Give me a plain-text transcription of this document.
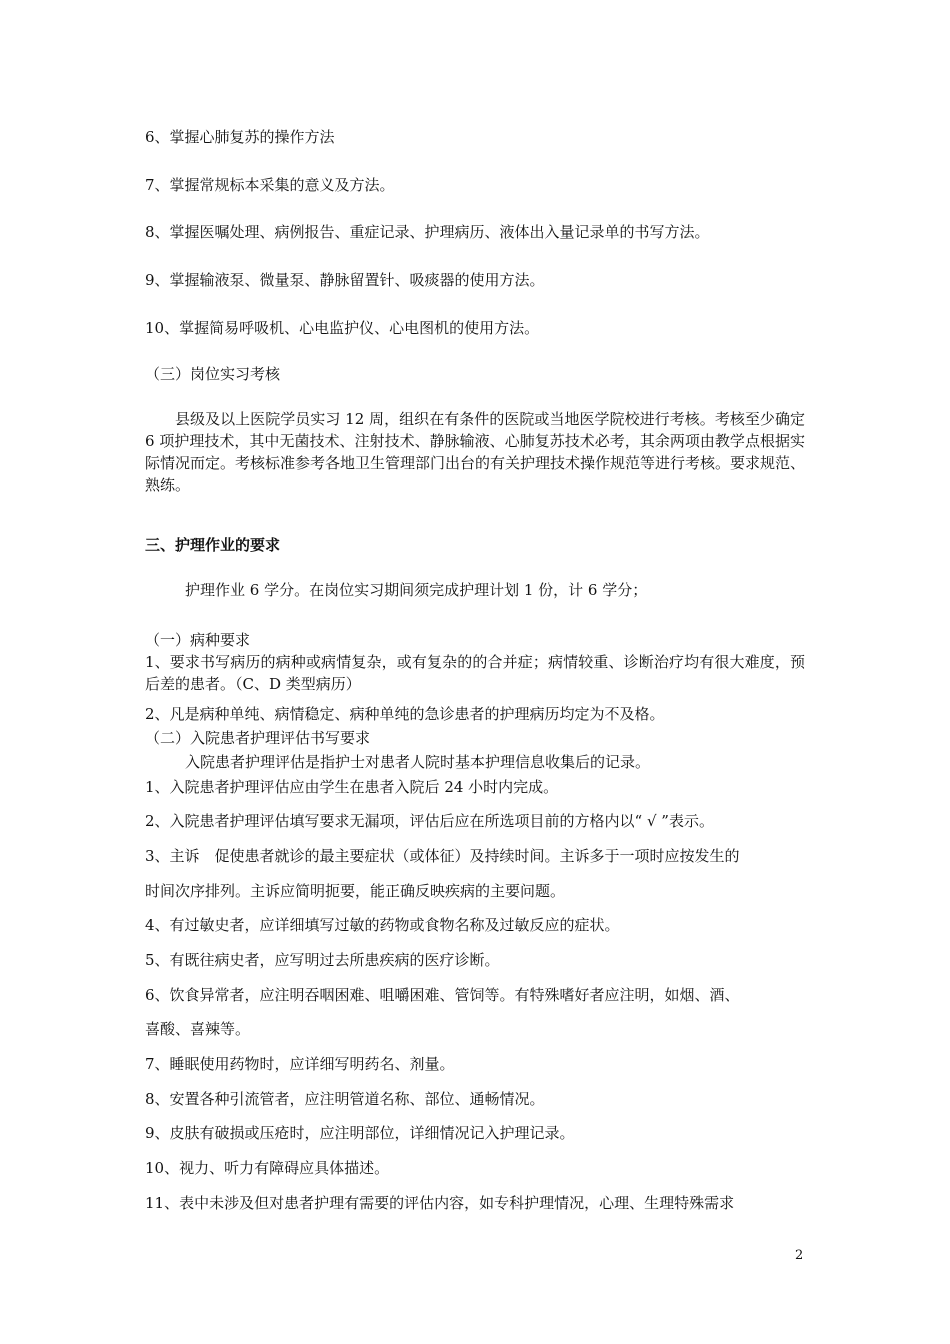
6、掌握心肺复苏的操作方法
7、掌握常规标本采集的意义及方法。
8、掌握医嘱处理、病例报告、重症记录、护理病历、液体出入量记录单的书写方法。
9、掌握输液泵、微量泵、静脉留置针、吸痰器的使用方法。
10、掌握简易呼吸机、心电监护仪、心电图机的使用方法。
（三）岗位实习考核
县级及以上医院学员实习 12 周，组织在有条件的医院或当地医学院校进行考核。考核至少确定 6 项护理技术，其中无菌技术、注射技术、静脉输液、心肺复苏技术必考，其余两项由教学点根据实际情况而定。考核标准参考各地卫生管理部门出台的有关护理技术操作规范等进行考核。要求规范、熟练。
三、护理作业的要求
护理作业 6 学分。在岗位实习期间须完成护理计划 1 份，计 6 学分；
（一）病种要求
1、要求书写病历的病种或病情复杂，或有复杂的的合并症；病情较重、诊断治疗均有很大难度，预后差的患者。（C、D 类型病历）
2、凡是病种单纯、病情稳定、病种单纯的急诊患者的护理病历均定为不及格。
（二）入院患者护理评估书写要求
入院患者护理评估是指护士对患者人院时基本护理信息收集后的记录。
1、入院患者护理评估应由学生在患者入院后 24 小时内完成。
2、入院患者护理评估填写要求无漏项，评估后应在所选项目前的方格内以“ √ ”表示。
3、主诉　促使患者就诊的最主要症状（或体征）及持续时间。主诉多于一项时应按发生的
时间次序排列。主诉应简明扼要，能正确反映疾病的主要问题。
4、有过敏史者，应详细填写过敏的药物或食物名称及过敏反应的症状。
5、有既往病史者，应写明过去所患疾病的医疗诊断。
6、饮食异常者，应注明吞咽困难、咀嚼困难、管饲等。有特殊嗜好者应注明，如烟、酒、
喜酸、喜辣等。
7、睡眠使用药物时，应详细写明药名、剂量。
8、安置各种引流管者，应注明管道名称、部位、通畅情况。
9、皮肤有破损或压疮时，应注明部位，详细情况记入护理记录。
10、视力、听力有障碍应具体描述。
11、表中未涉及但对患者护理有需要的评估内容，如专科护理情况，心理、生理特殊需求
2
